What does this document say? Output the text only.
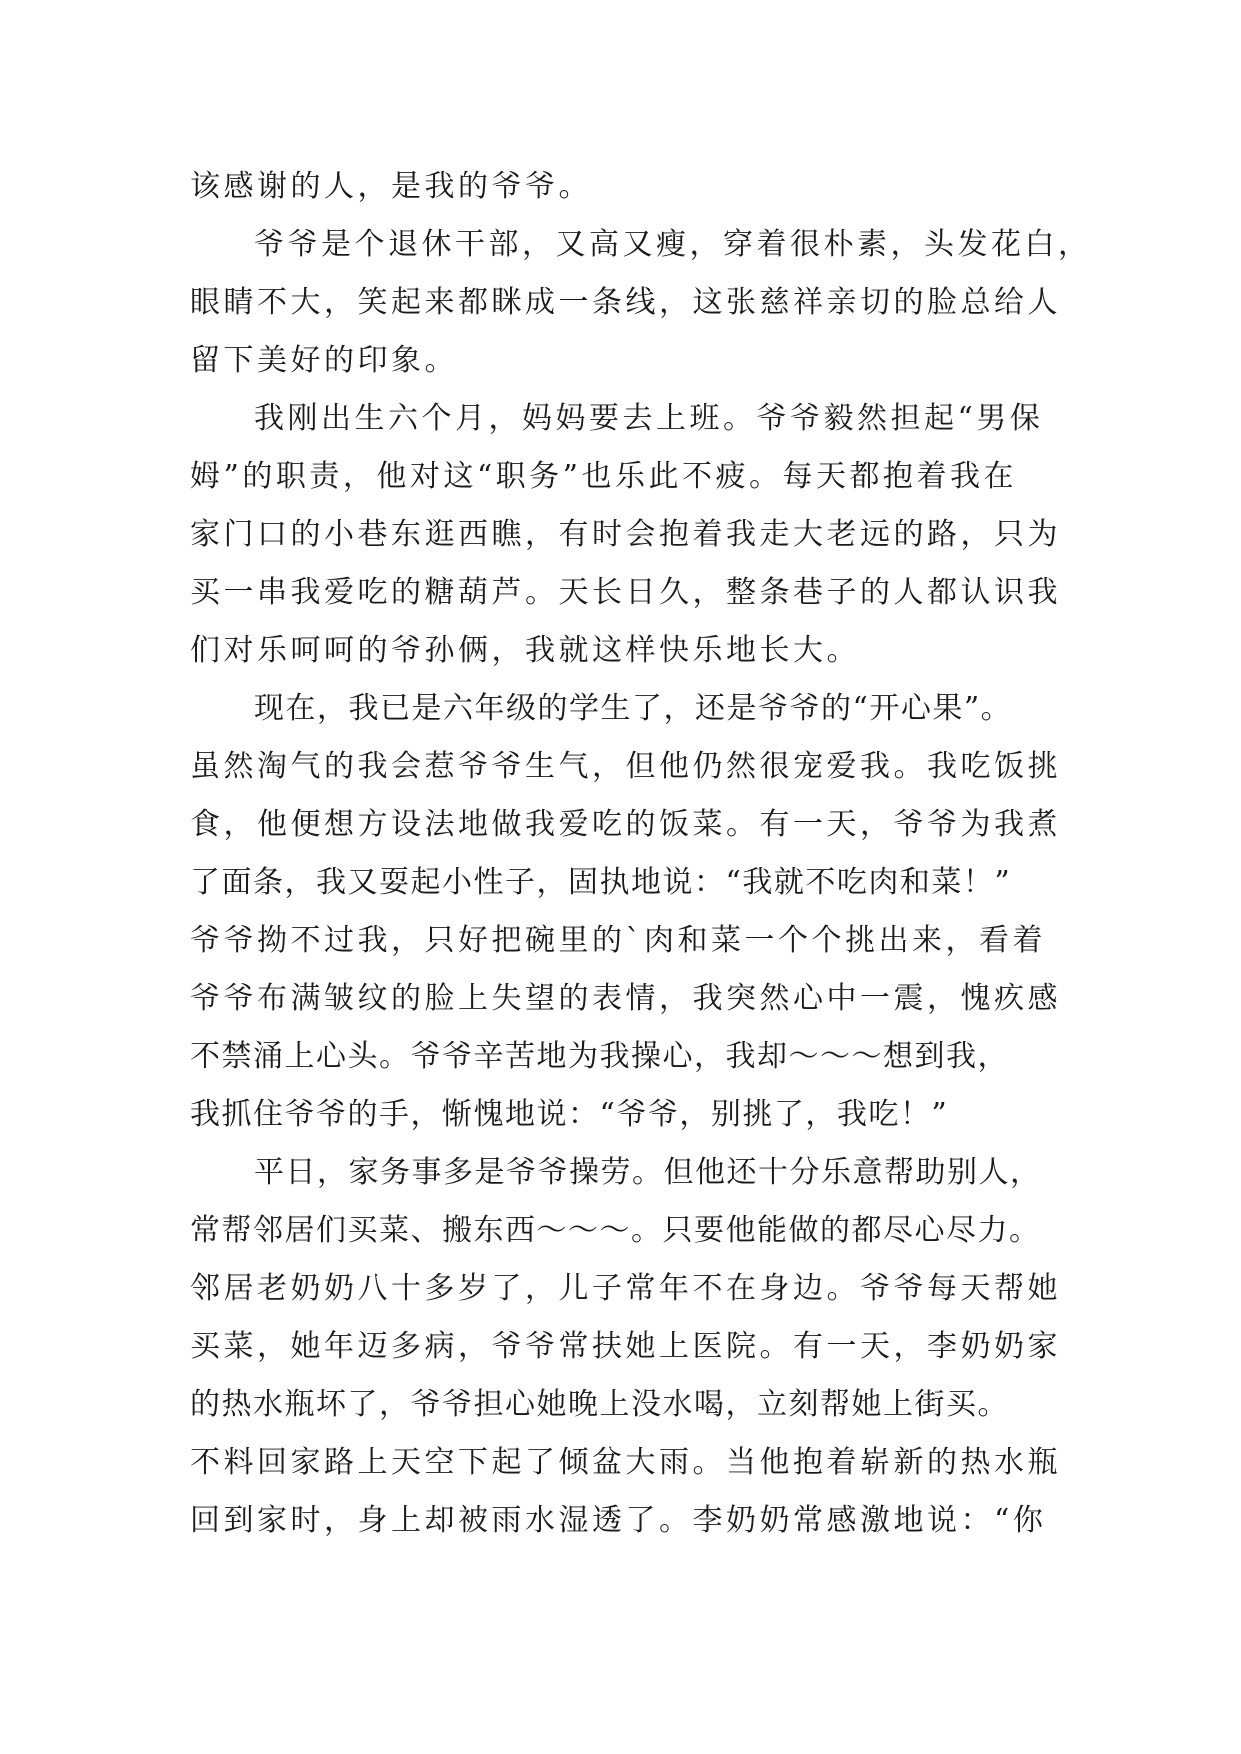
该感谢的人，是我的爷爷。
爷爷是个退休干部，又高又瘦，穿着很朴素，头发花白，
眼睛不大，笑起来都眯成一条线，这张慈祥亲切的脸总给人
留下美好的印象。
我刚出生六个月，妈妈要去上班。爷爷毅然担起“男保
姆”的职责，他对这“职务”也乐此不疲。每天都抱着我在
家门口的小巷东逛西瞧，有时会抱着我走大老远的路，只为
买一串我爱吃的糖葫芦。天长日久，整条巷子的人都认识我
们对乐呵呵的爷孙俩，我就这样快乐地长大。
现在，我已是六年级的学生了，还是爷爷的“开心果”。
虽然淘气的我会惹爷爷生气，但他仍然很宠爱我。我吃饭挑
食，他便想方设法地做我爱吃的饭菜。有一天，爷爷为我煮
了面条，我又耍起小性子，固执地说：“我就不吃肉和菜！”
爷爷拗不过我，只好把碗里的`肉和菜一个个挑出来，看着
爷爷布满皱纹的脸上失望的表情，我突然心中一震，愧疚感
不禁涌上心头。爷爷辛苦地为我操心，我却～～～想到我，
我抓住爷爷的手，惭愧地说：“爷爷，别挑了，我吃！”
平日，家务事多是爷爷操劳。但他还十分乐意帮助别人，
常帮邻居们买菜、搬东西～～～。只要他能做的都尽心尽力。
邻居老奶奶八十多岁了，儿子常年不在身边。爷爷每天帮她
买菜，她年迈多病，爷爷常扶她上医院。有一天，李奶奶家
的热水瓶坏了，爷爷担心她晚上没水喝，立刻帮她上街买。
不料回家路上天空下起了倾盆大雨。当他抱着崭新的热水瓶
回到家时，身上却被雨水湿透了。李奶奶常感激地说：“你
